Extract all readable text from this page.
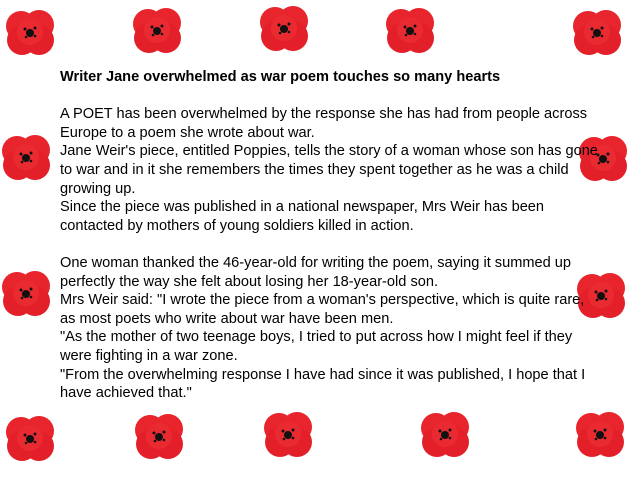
Writer Jane overwhelmed as war poem touches so many hearts

A POET has been overwhelmed by the response she has had from people across Europe to a poem she wrote about war.

Jane Weir's piece, entitled Poppies, tells the story of a woman whose son has gone to war and in it she remembers the times they spent together as he was a child growing up.

Since the piece was published in a national newspaper, Mrs Weir has been contacted by mothers of young soldiers killed in action.

One woman thanked the 46-year-old for writing the poem, saying it summed up perfectly the way she felt about losing her 18-year-old son.

Mrs Weir said: "I wrote the piece from a woman's perspective, which is quite rare, as most poets who write about war have been men.

"As the mother of two teenage boys, I tried to put across how I might feel if they were fighting in a war zone.

"From the overwhelming response I have had since it was published, I hope that I have achieved that."
